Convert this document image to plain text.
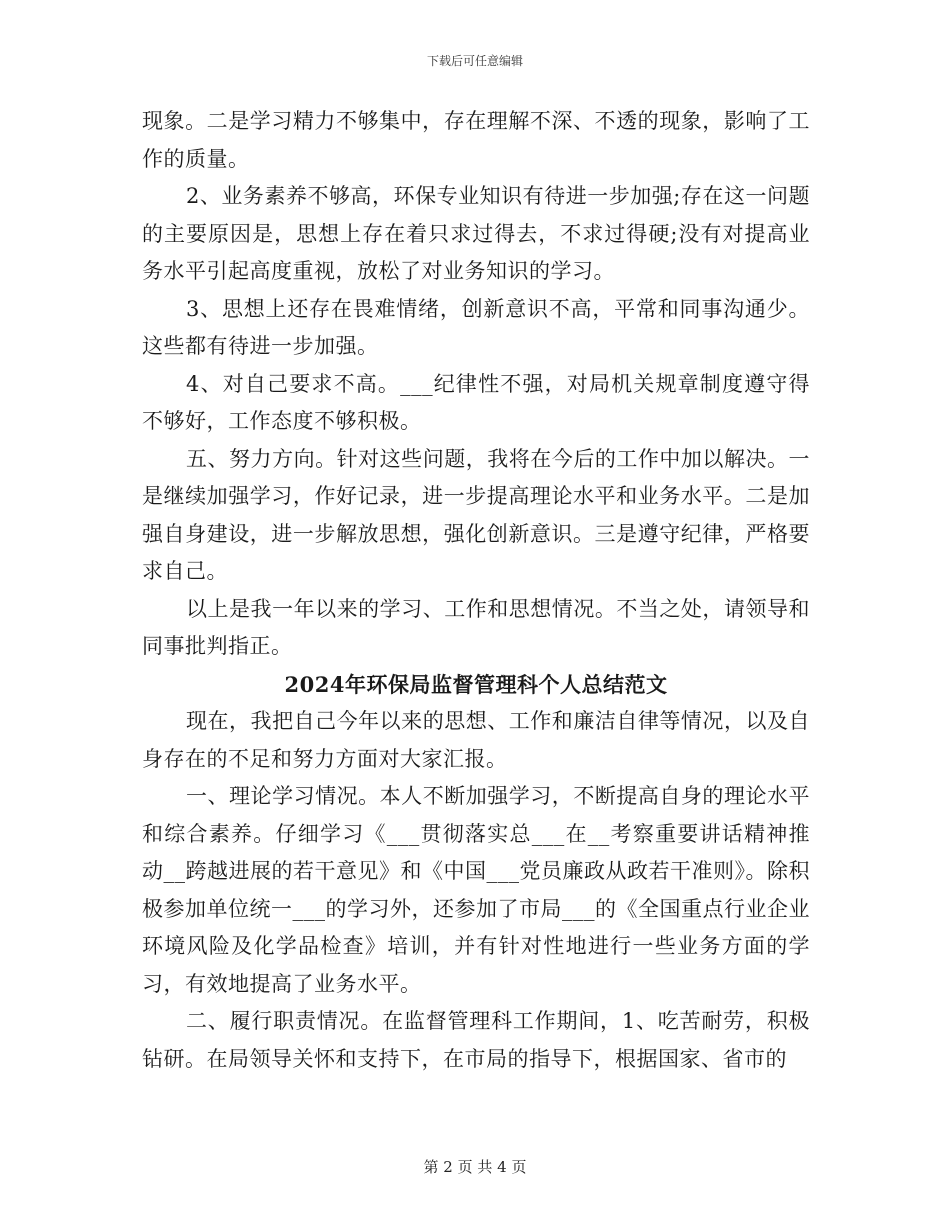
下载后可任意编辑

现象。二是学习精力不够集中，存在理解不深、不透的现象，影响了工作的质量。

2、业务素养不够高，环保专业知识有待进一步加强;存在这一问题的主要原因是，思想上存在着只求过得去，不求过得硬;没有对提高业务水平引起高度重视，放松了对业务知识的学习。

3、思想上还存在畏难情绪，创新意识不高，平常和同事沟通少。这些都有待进一步加强。

4、对自己要求不高。___纪律性不强，对局机关规章制度遵守得不够好，工作态度不够积极。

五、努力方向。针对这些问题，我将在今后的工作中加以解决。一是继续加强学习，作好记录，进一步提高理论水平和业务水平。二是加强自身建设，进一步解放思想，强化创新意识。三是遵守纪律，严格要求自己。

以上是我一年以来的学习、工作和思想情况。不当之处，请领导和同事批判指正。

2024年环保局监督管理科个人总结范文

现在，我把自己今年以来的思想、工作和廉洁自律等情况，以及自身存在的不足和努力方面对大家汇报。

一、理论学习情况。本人不断加强学习，不断提高自身的理论水平和综合素养。仔细学习《___贯彻落实总___在__考察重要讲话精神推动__跨越进展的若干意见》和《中国___党员廉政从政若干准则》。除积极参加单位统一___的学习外，还参加了市局___的《全国重点行业企业环境风险及化学品检查》培训，并有针对性地进行一些业务方面的学习，有效地提高了业务水平。

二、履行职责情况。在监督管理科工作期间，1、吃苦耐劳，积极钻研。在局领导关怀和支持下，在市局的指导下，根据国家、省市的

第 2 页 共 4 页
